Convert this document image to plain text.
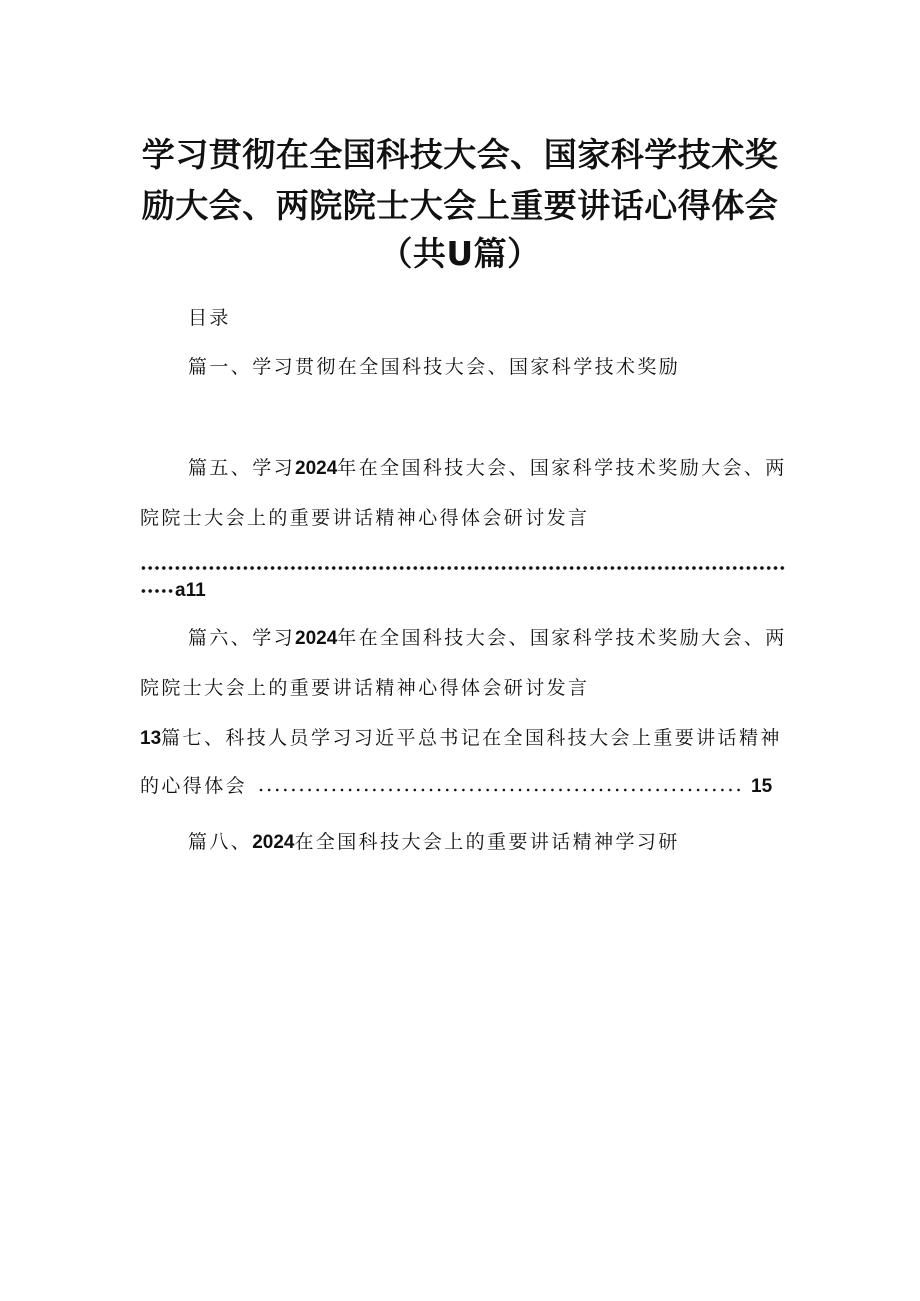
学习贯彻在全国科技大会、国家科学技术奖
励大会、两院院士大会上重要讲话心得体会
（共U篇）
目录
篇一、学习贯彻在全国科技大会、国家科学技术奖励
篇五、学习2024年在全国科技大会、国家科学技术奖励大会、两
院院士大会上的重要讲话精神心得体会研讨发言
a11
篇六、学习2024年在全国科技大会、国家科学技术奖励大会、两
院院士大会上的重要讲话精神心得体会研讨发言
13篇七、科技人员学习习近平总书记在全国科技大会上重要讲话精神
的心得体会	15
篇八、2024在全国科技大会上的重要讲话精神学习研
